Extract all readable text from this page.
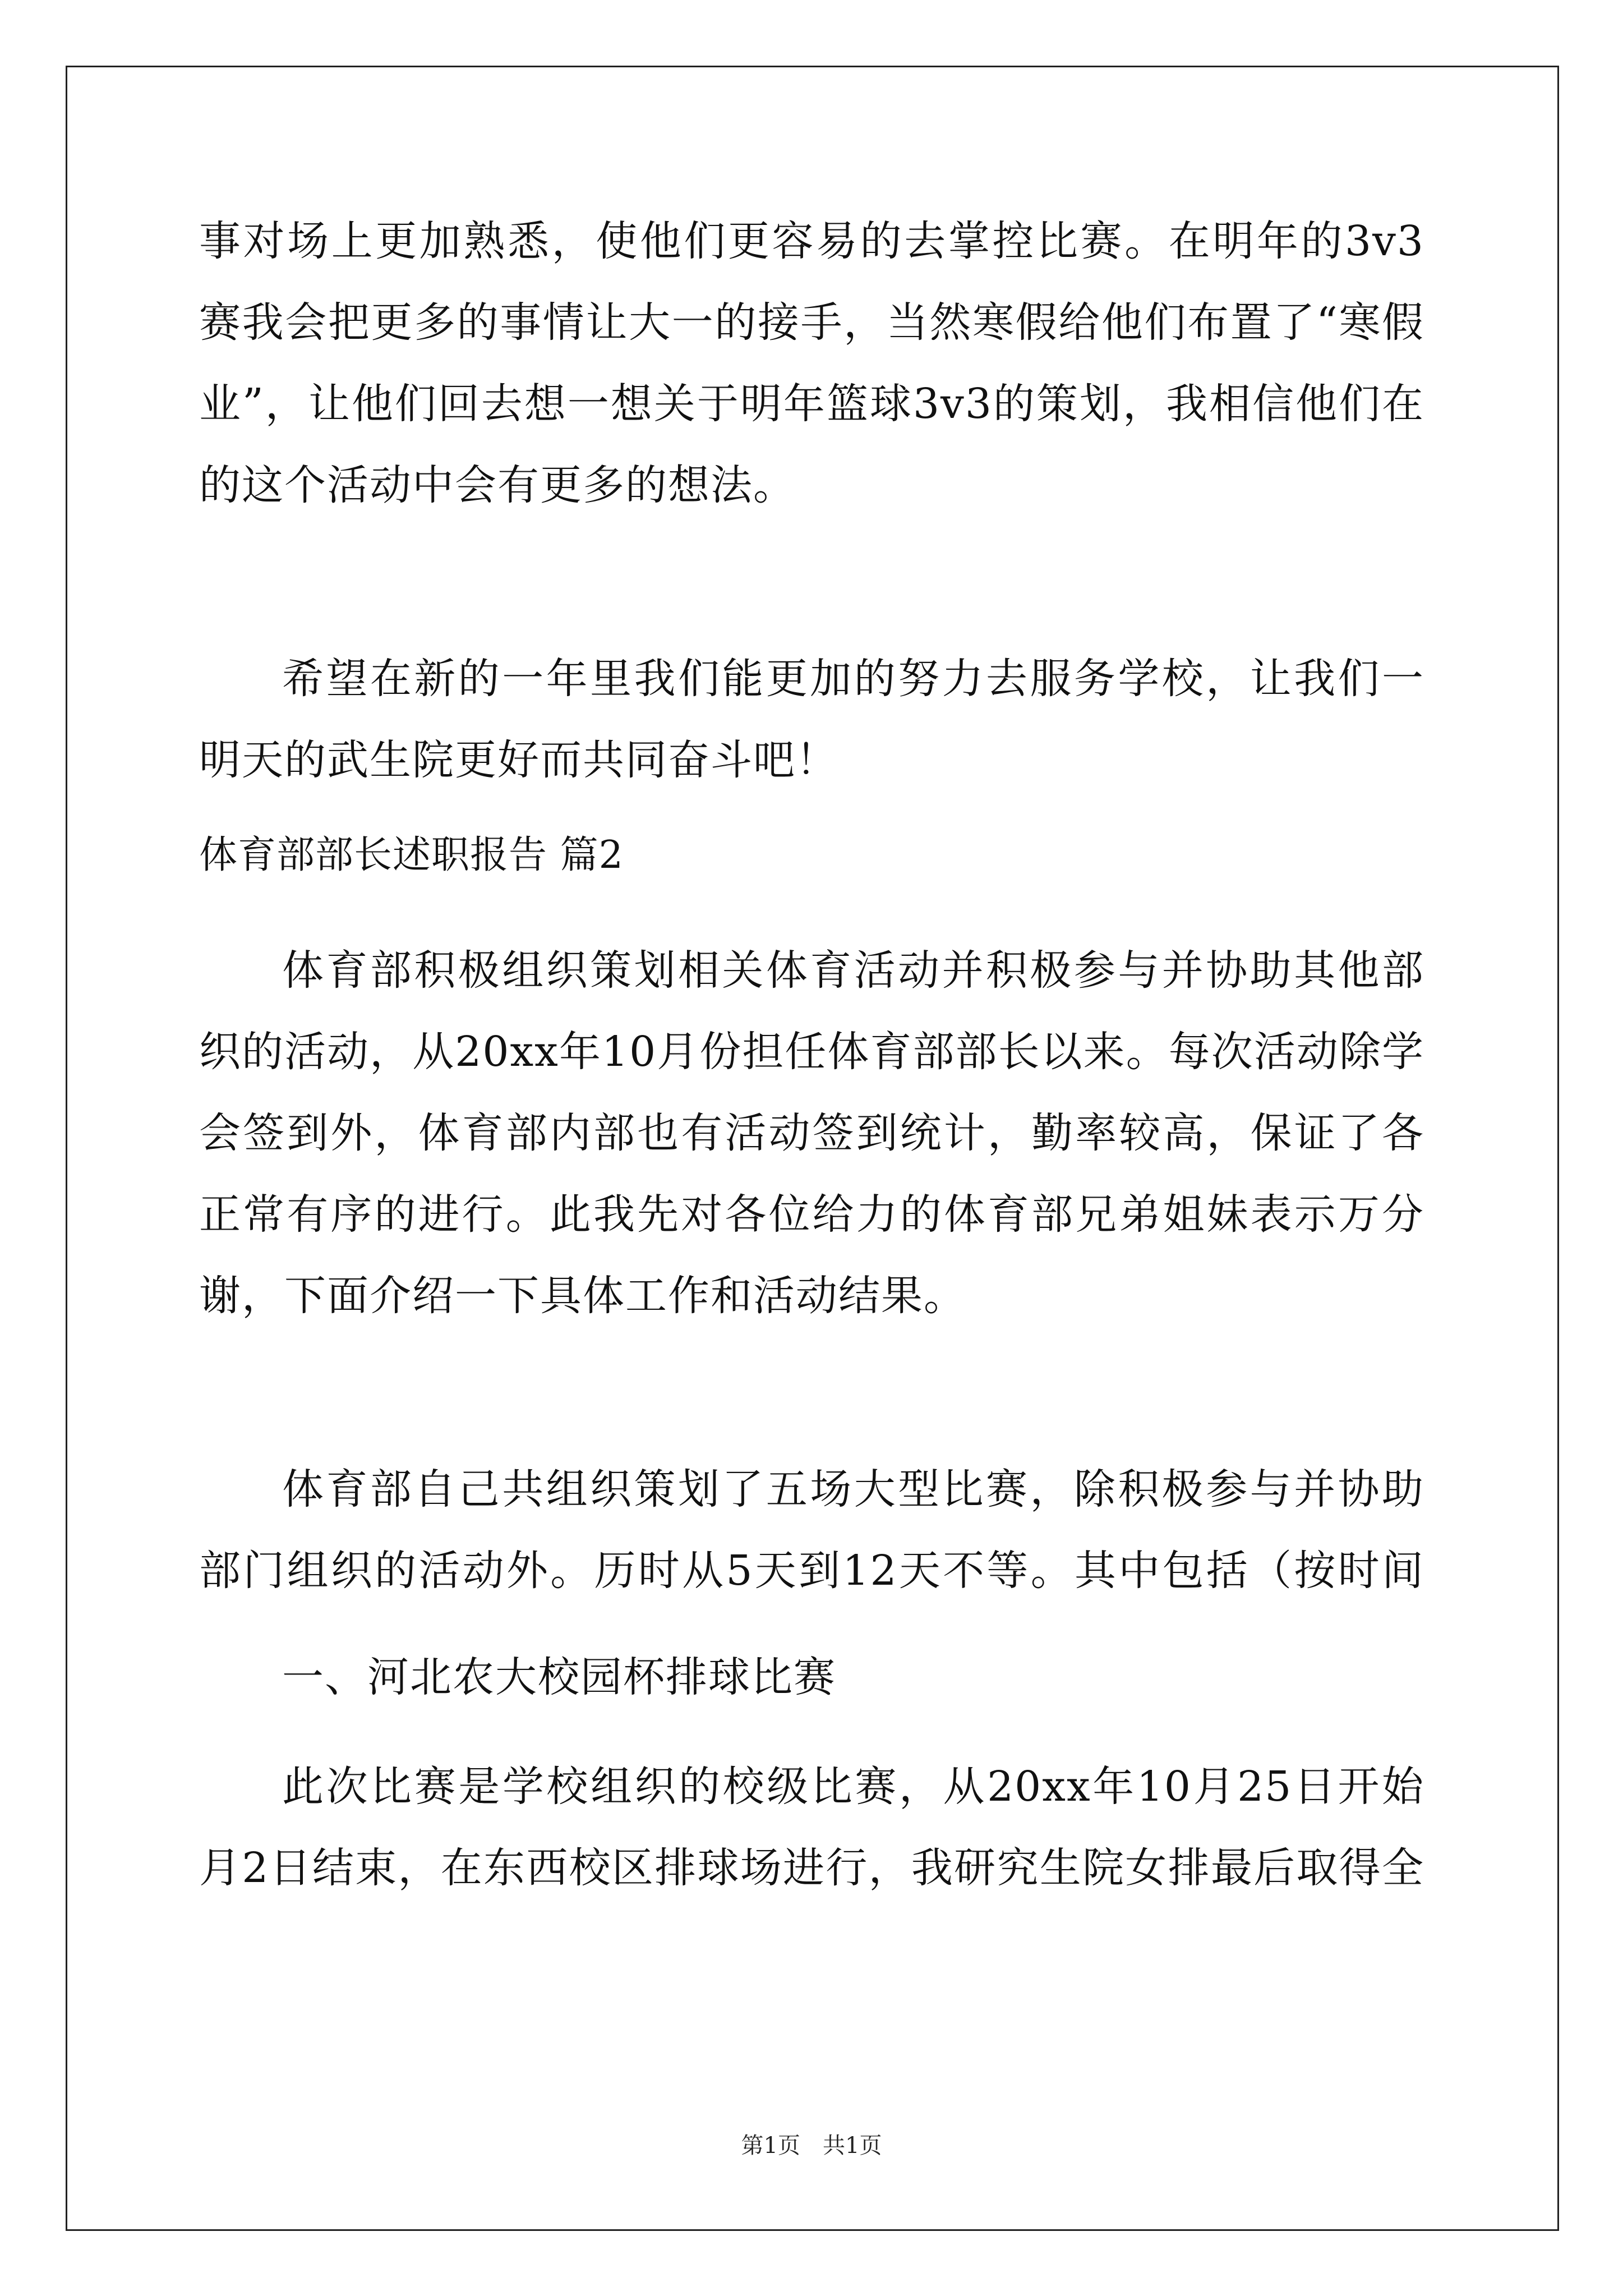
事对场上更加熟悉，使他们更容易的去掌控比赛。在明年的3v3
赛我会把更多的事情让大一的接手，当然寒假给他们布置了“寒假
业”，让他们回去想一想关于明年篮球3v3的策划，我相信他们在
的这个活动中会有更多的想法。
希望在新的一年里我们能更加的努力去服务学校，让我们一
明天的武生院更好而共同奋斗吧！
体育部部长述职报告 篇2
体育部积极组织策划相关体育活动并积极参与并协助其他部
织的活动，从20xx年10月份担任体育部部长以来。每次活动除学
会签到外，体育部内部也有活动签到统计，勤率较高，保证了各
正常有序的进行。此我先对各位给力的体育部兄弟姐妹表示万分
谢，下面介绍一下具体工作和活动结果。
体育部自己共组织策划了五场大型比赛，除积极参与并协助
部门组织的活动外。历时从5天到12天不等。其中包括（按时间
一、河北农大校园杯排球比赛
此次比赛是学校组织的校级比赛，从20xx年10月25日开始
月2日结束，在东西校区排球场进行，我研究生院女排最后取得全
第1页 共1页
